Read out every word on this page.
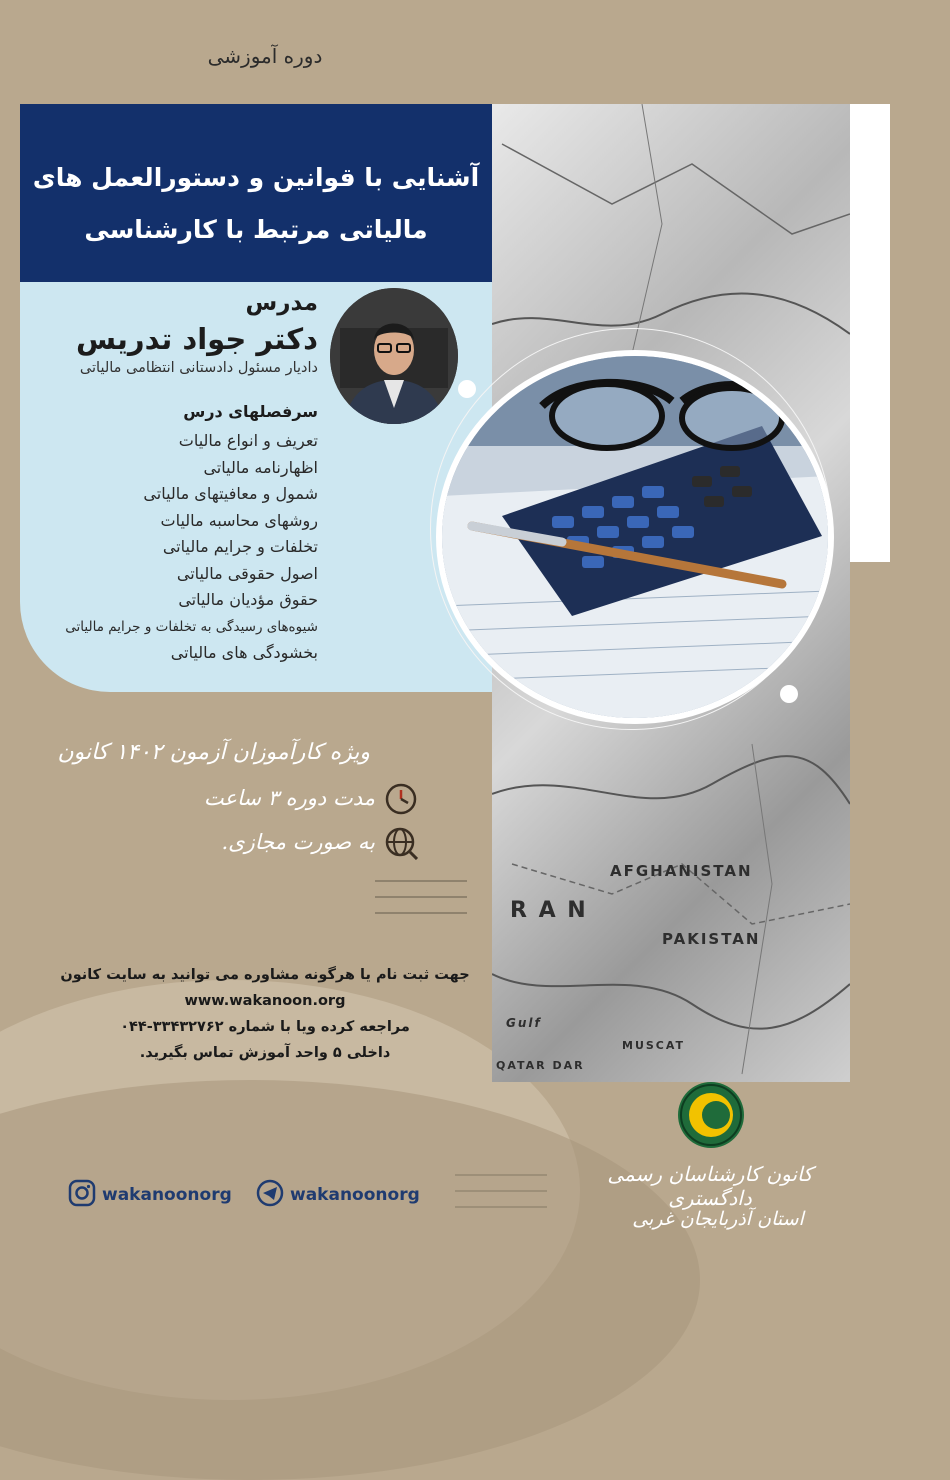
دوره آموزشی
AFGHANISTAN
PAKISTAN
R A N
Gulf
MUSCAT
QATAR DAR
آشنایی با قوانین و دستورالعمل های
مالیاتی مرتبط با کارشناسی
مدرس
دکتر جواد تدریس
دادیار مسئول دادستانی انتظامی مالیاتی
سرفصلهای درس
تعریف و انواع مالیات
اظهارنامه مالیاتی
شمول و معافیتهای مالیاتی
روشهای محاسبه مالیات
تخلفات و جرایم مالیاتی
اصول حقوقی مالیاتی
حقوق مؤدیان مالیاتی
شیوه‌های رسیدگی به تخلفات و جرایم مالیاتی
بخشودگی های مالیاتی
ویژه کارآموزان آزمون ۱۴۰۲ کانون
مدت دوره ۳ ساعت
به صورت مجازی.
جهت ثبت نام یا هرگونه مشاوره می توانید به سایت کانون
www.wakanoon.org
مراجعه کرده ویا با شماره ۳۳۴۳۲۷۶۲-۰۴۴
داخلی ۵ واحد آموزش تماس بگیرید.
wakanoonorg	wakanoonorg
کانون کارشناسان رسمی دادگستری
استان آذربایجان غربی
